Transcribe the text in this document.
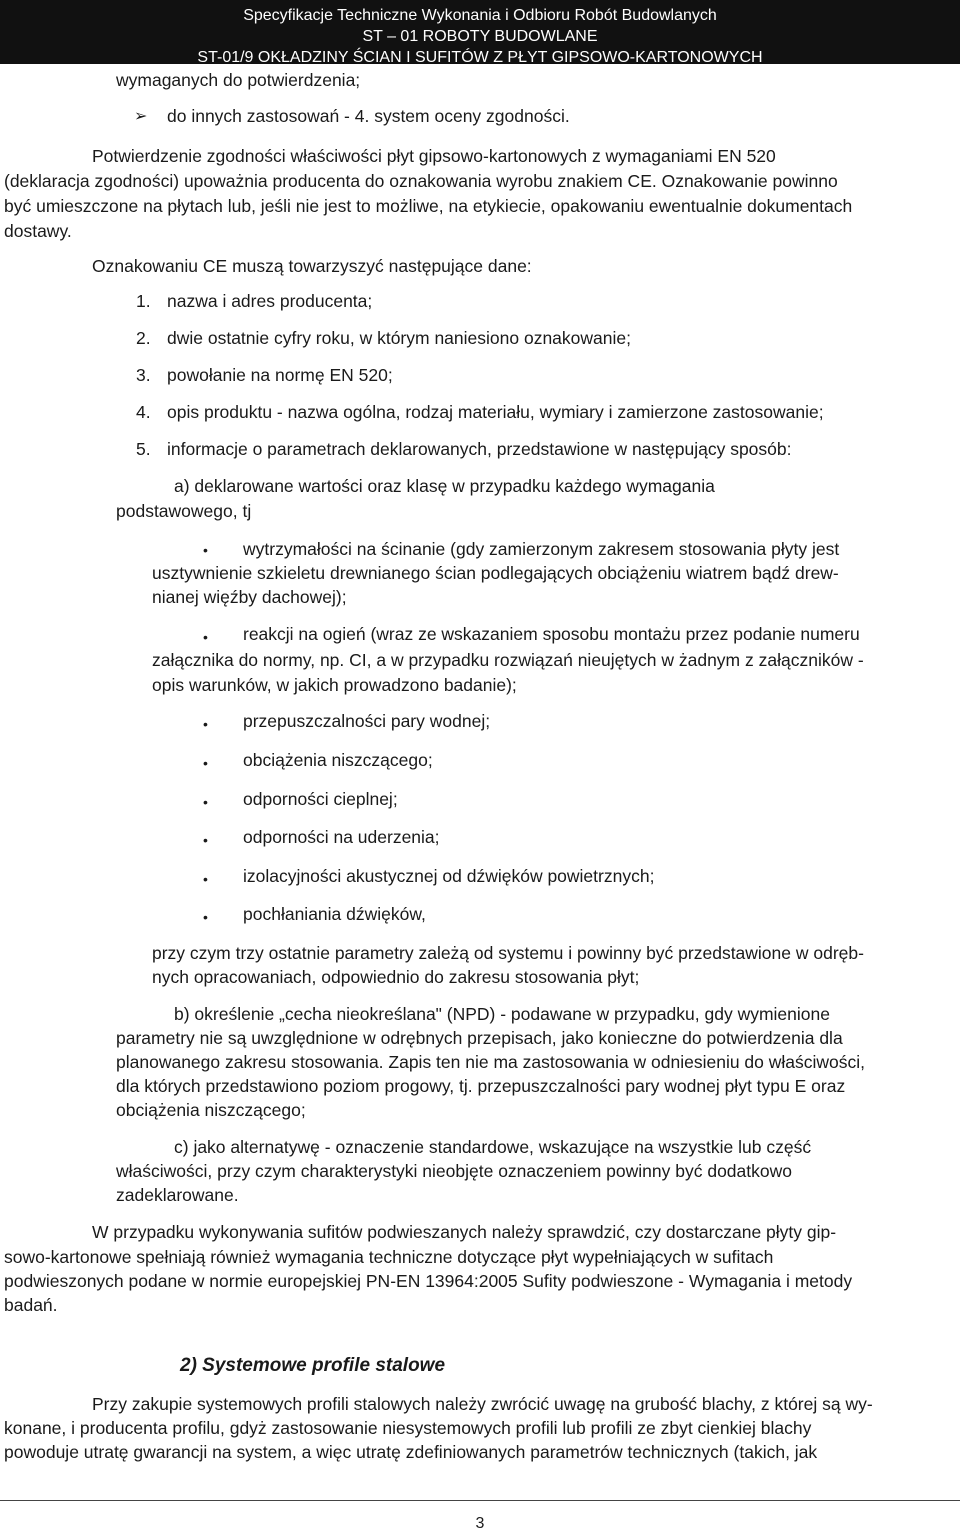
Specyfikacje Techniczne Wykonania i Odbioru Robót Budowlanych
ST – 01 ROBOTY BUDOWLANE
ST-01/9 OKŁADZINY ŚCIAN I SUFITÓW Z PŁYT GIPSOWO-KARTONOWYCH
wymaganych do potwierdzenia;
➢ do innych zastosowań - 4. system oceny zgodności.
Potwierdzenie zgodności właściwości płyt gipsowo-kartonowych z wymaganiami EN 520
(deklaracja zgodności) upoważnia producenta do oznakowania wyrobu znakiem CE. Oznakowanie powinno
być umieszczone na płytach lub, jeśli nie jest to możliwe, na etykiecie, opakowaniu ewentualnie dokumentach
dostawy.
Oznakowaniu CE muszą towarzyszyć następujące dane:
1. nazwa i adres producenta;
2. dwie ostatnie cyfry roku, w którym naniesiono oznakowanie;
3. powołanie na normę EN 520;
4. opis produktu - nazwa ogólna, rodzaj materiału, wymiary i zamierzone zastosowanie;
5. informacje o parametrach deklarowanych, przedstawione w następujący sposób:
a) deklarowane wartości oraz klasę w przypadku każdego wymagania
podstawowego, tj
• wytrzymałości na ścinanie (gdy zamierzonym zakresem stosowania płyty jest
usztywnienie szkieletu drewnianego ścian podlegających obciążeniu wiatrem bądź drew-
nianej więźby dachowej);
• reakcji na ogień (wraz ze wskazaniem sposobu montażu przez podanie numeru
załącznika do normy, np. CI, a w przypadku rozwiązań nieujętych w żadnym z załączników -
opis warunków, w jakich prowadzono badanie);
• przepuszczalności pary wodnej;
• obciążenia niszczącego;
• odporności cieplnej;
• odporności na uderzenia;
• izolacyjności akustycznej od dźwięków powietrznych;
• pochłaniania dźwięków,
przy czym trzy ostatnie parametry zależą od systemu i powinny być przedstawione w odręb-
nych opracowaniach, odpowiednio do zakresu stosowania płyt;
b) określenie „cecha nieokreślana" (NPD) - podawane w przypadku, gdy wymienione
parametry nie są uwzględnione w odrębnych przepisach, jako konieczne do potwierdzenia dla
planowanego zakresu stosowania. Zapis ten nie ma zastosowania w odniesieniu do właściwości,
dla których przedstawiono poziom progowy, tj. przepuszczalności pary wodnej płyt typu E oraz
obciążenia niszczącego;
c) jako alternatywę - oznaczenie standardowe, wskazujące na wszystkie lub część
właściwości, przy czym charakterystyki nieobjęte oznaczeniem powinny być dodatkowo
zadeklarowane.
W przypadku wykonywania sufitów podwieszanych należy sprawdzić, czy dostarczane płyty gip-
sowo-kartonowe spełniają również wymagania techniczne dotyczące płyt wypełniających w sufitach
podwieszonych podane w normie europejskiej PN-EN 13964:2005 Sufity podwieszone - Wymagania i metody
badań.
2) Systemowe profile stalowe
Przy zakupie systemowych profili stalowych należy zwrócić uwagę na grubość blachy, z której są wy-
konane, i producenta profilu, gdyż zastosowanie niesystemowych profili lub profili ze zbyt cienkiej blachy
powoduje utratę gwarancji na system, a więc utratę zdefiniowanych parametrów technicznych (takich, jak
3
